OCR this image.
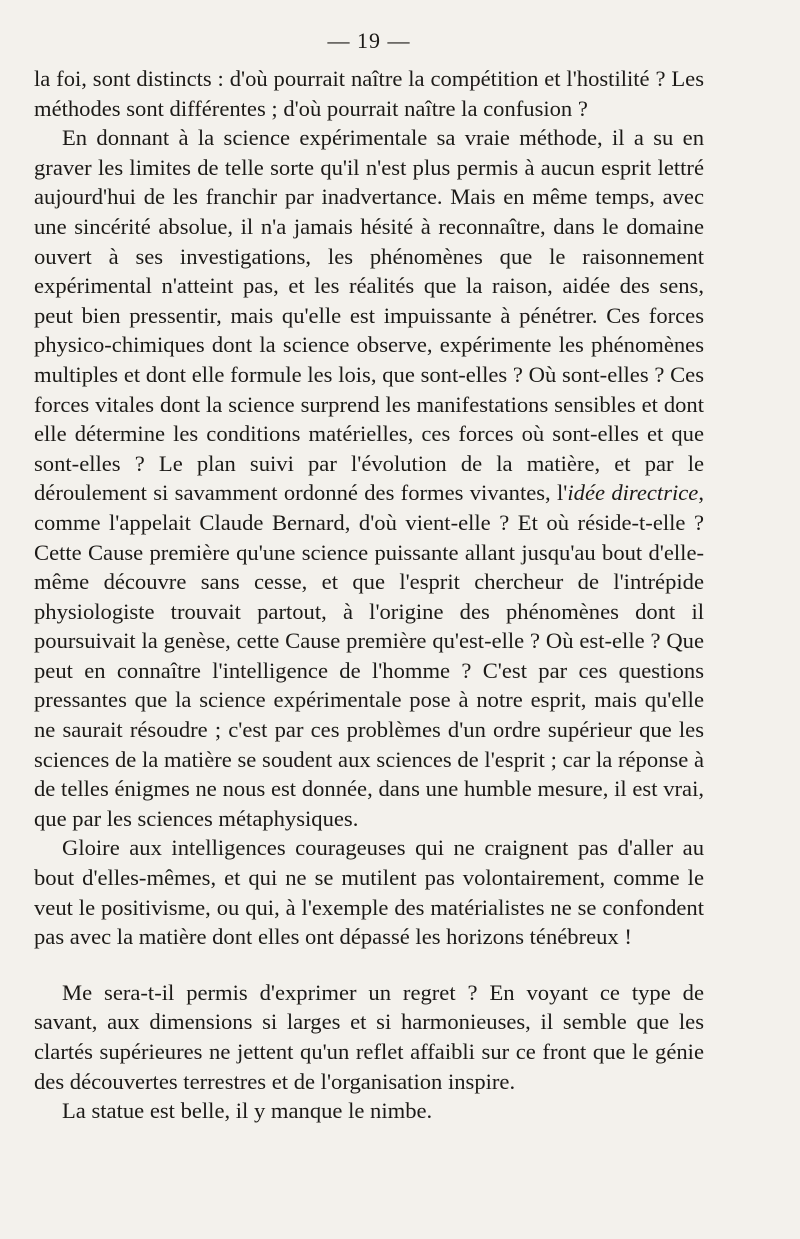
— 19 —

la foi, sont distincts : d'où pourrait naître la compétition et l'hostilité ? Les méthodes sont différentes ; d'où pourrait naître la confusion ?

En donnant à la science expérimentale sa vraie méthode, il a su en graver les limites de telle sorte qu'il n'est plus permis à aucun esprit lettré aujourd'hui de les franchir par inadvertance. Mais en même temps, avec une sincérité absolue, il n'a jamais hésité à reconnaître, dans le domaine ouvert à ses investigations, les phénomènes que le raisonnement expérimental n'atteint pas, et les réalités que la raison, aidée des sens, peut bien pressentir, mais qu'elle est impuissante à pénétrer. Ces forces physico-chimiques dont la science observe, expérimente les phénomènes multiples et dont elle formule les lois, que sont-elles ? Où sont-elles ? Ces forces vitales dont la science surprend les manifestations sensibles et dont elle détermine les conditions matérielles, ces forces où sont-elles et que sont-elles ? Le plan suivi par l'évolution de la matière, et par le déroulement si savamment ordonné des formes vivantes, l'idée directrice, comme l'appelait Claude Bernard, d'où vient-elle ? Et où réside-t-elle ? Cette Cause première qu'une science puissante allant jusqu'au bout d'elle-même découvre sans cesse, et que l'esprit chercheur de l'intrépide physiologiste trouvait partout, à l'origine des phénomènes dont il poursuivait la genèse, cette Cause première qu'est-elle ? Où est-elle ? Que peut en connaître l'intelligence de l'homme ? C'est par ces questions pressantes que la science expérimentale pose à notre esprit, mais qu'elle ne saurait résoudre ; c'est par ces problèmes d'un ordre supérieur que les sciences de la matière se soudent aux sciences de l'esprit ; car la réponse à de telles énigmes ne nous est donnée, dans une humble mesure, il est vrai, que par les sciences métaphysiques.

Gloire aux intelligences courageuses qui ne craignent pas d'aller au bout d'elles-mêmes, et qui ne se mutilent pas volontairement, comme le veut le positivisme, ou qui, à l'exemple des matérialistes ne se confondent pas avec la matière dont elles ont dépassé les horizons ténébreux !

Me sera-t-il permis d'exprimer un regret ? En voyant ce type de savant, aux dimensions si larges et si harmonieuses, il semble que les clartés supérieures ne jettent qu'un reflet affaibli sur ce front que le génie des découvertes terrestres et de l'organisation inspire.

La statue est belle, il y manque le nimbe.
